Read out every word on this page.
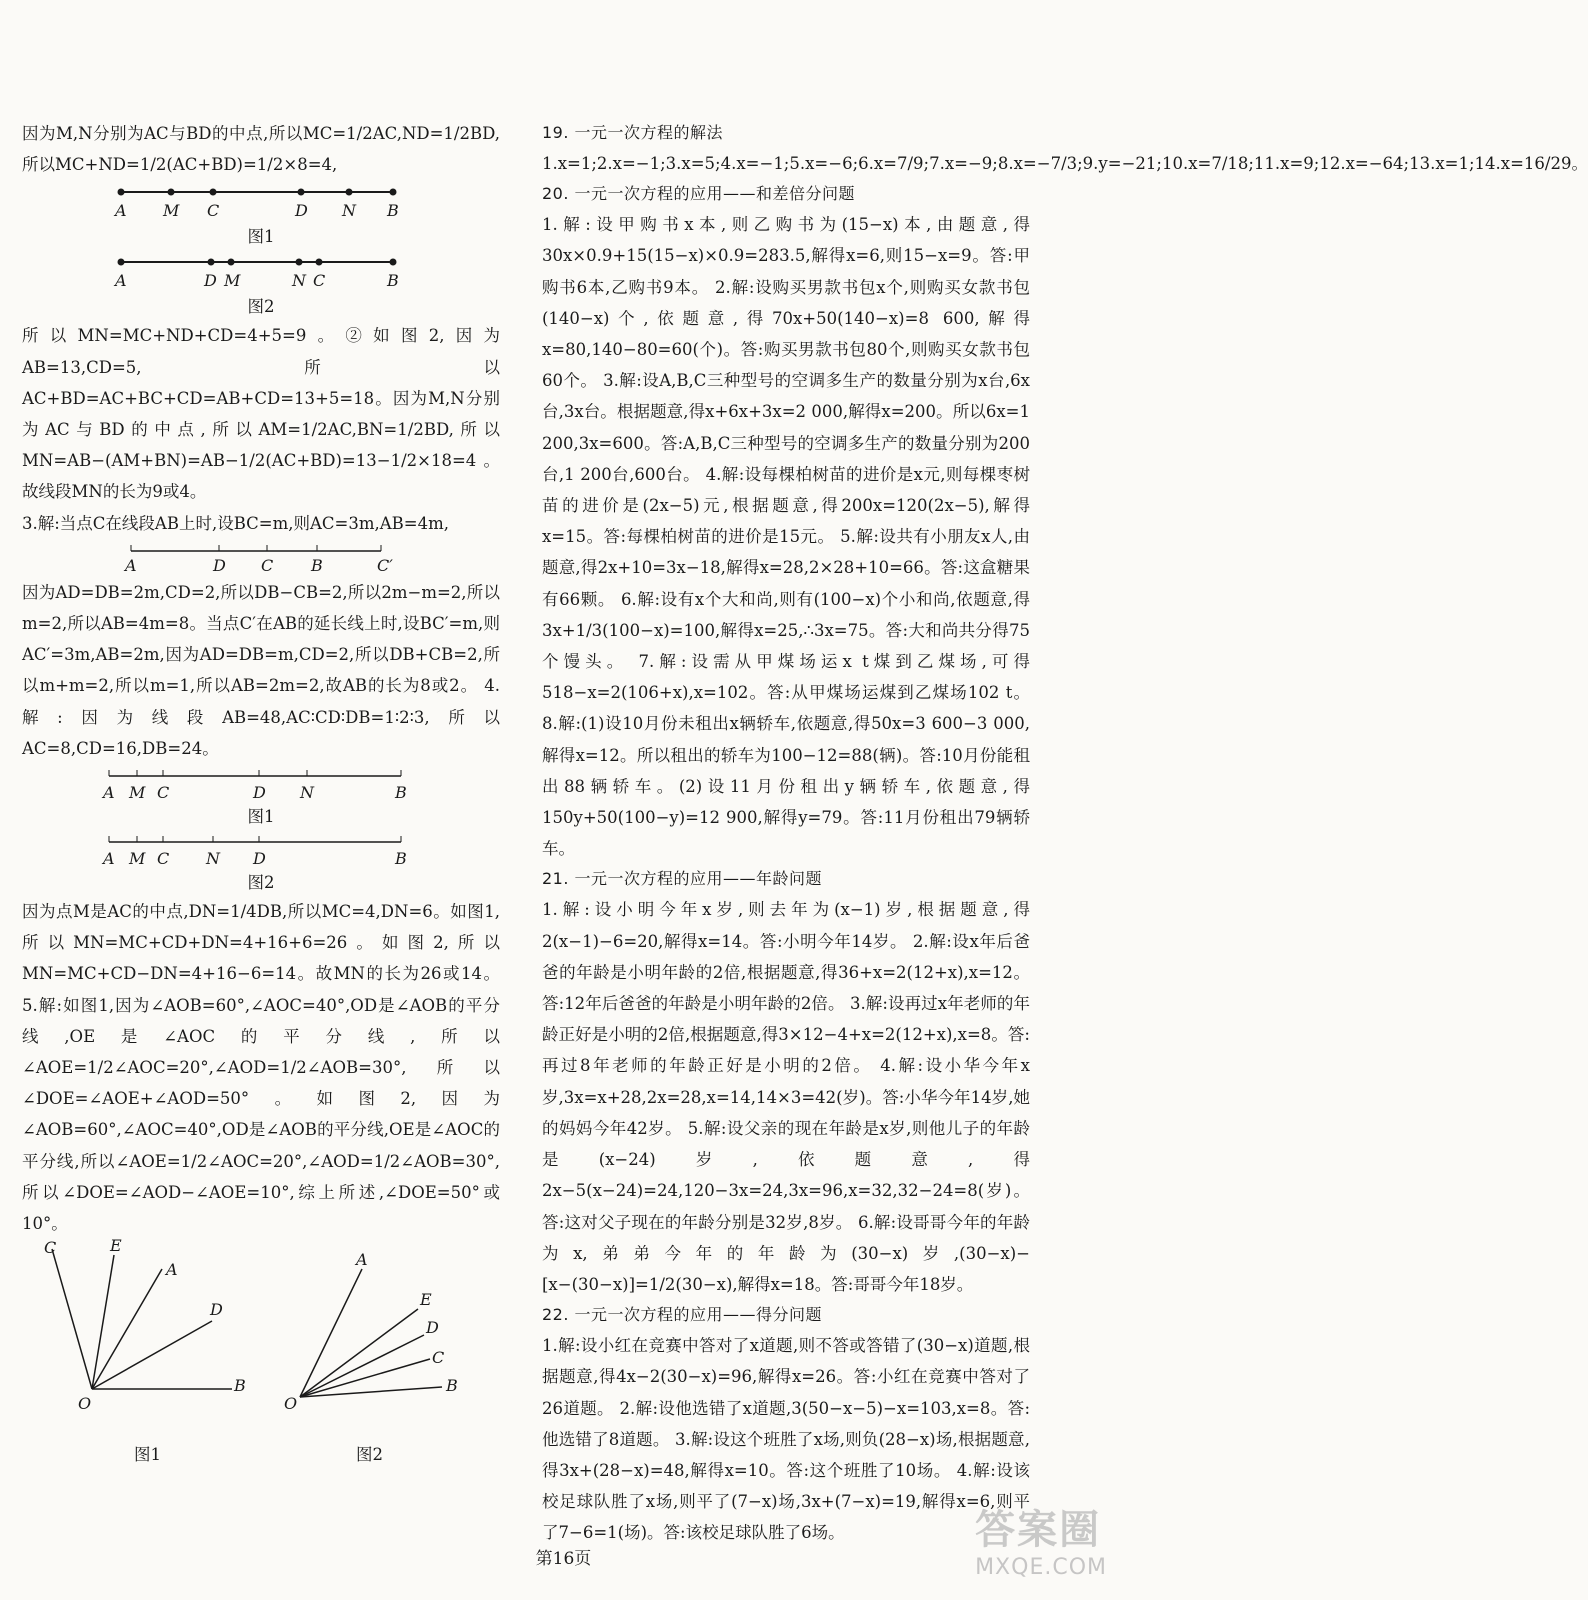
因为M,N分别为AC与BD的中点,所以MC=1/2AC,ND=1/2BD,所以MC+ND=1/2(AC+BD)=1/2×8=4,

A M C	D N B

图1

A	D M	N C	B

图2

所以MN=MC+ND+CD=4+5=9。②如图2,因为AB=13,CD=5,所以AC+BD=AC+BC+CD=AB+CD=13+5=18。因为M,N分别为AC与BD的中点,所以AM=1/2AC,BN=1/2BD,所以MN=AB−(AM+BN)=AB−1/2(AC+BD)=13−1/2×18=4。故线段MN的长为9或4。

3.解:当点C在线段AB上时,设BC=m,则AC=3m,AB=4m,

A	D C B	C′

因为AD=DB=2m,CD=2,所以DB−CB=2,所以2m−m=2,所以m=2,所以AB=4m=8。当点C′在AB的延长线上时,设BC′=m,则AC′=3m,AB=2m,因为AD=DB=m,CD=2,所以DB+CB=2,所以m+m=2,所以m=1,所以AB=2m=2,故AB的长为8或2。 4.解:因为线段AB=48,AC∶CD∶DB=1∶2∶3,所以AC=8,CD=16,DB=24。

A M C	D N	B

图1

A M C N D	B

图2

因为点M是AC的中点,DN=1/4DB,所以MC=4,DN=6。如图1,所以MN=MC+CD+DN=4+16+6=26。如图2,所以MN=MC+CD−DN=4+16−6=14。故MN的长为26或14。 5.解:如图1,因为∠AOB=60°,∠AOC=40°,OD是∠AOB的平分线,OE是∠AOC的平分线,所以∠AOE=1/2∠AOC=20°,∠AOD=1/2∠AOB=30°,所以∠DOE=∠AOE+∠AOD=50°。如图2,因为∠AOB=60°,∠AOC=40°,OD是∠AOB的平分线,OE是∠AOC的平分线,所以∠AOE=1/2∠AOC=20°,∠AOD=1/2∠AOB=30°,所以∠DOE=∠AOD−∠AOE=10°,综上所述,∠DOE=50°或10°。

C	E
A
D
B
O
A
E
D
C
B
O
图1	图2

19. 一元一次方程的解法

1.x=1;2.x=−1;3.x=5;4.x=−1;5.x=−6;6.x=7/9;7.x=−9;8.x=−7/3;9.y=−21;10.x=7/18;11.x=9;12.x=−64;13.x=1;14.x=16/29。

20. 一元一次方程的应用——和差倍分问题

1.解:设甲购书x本,则乙购书为(15−x)本,由题意,得30x×0.9+15(15−x)×0.9=283.5,解得x=6,则15−x=9。答:甲购书6本,乙购书9本。 2.解:设购买男款书包x个,则购买女款书包(140−x)个,依题意,得70x+50(140−x)=8 600,解得x=80,140−80=60(个)。答:购买男款书包80个,则购买女款书包60个。 3.解:设A,B,C三种型号的空调多生产的数量分别为x台,6x台,3x台。根据题意,得x+6x+3x=2 000,解得x=200。所以6x=1 200,3x=600。答:A,B,C三种型号的空调多生产的数量分别为200台,1 200台,600台。 4.解:设每棵柏树苗的进价是x元,则每棵枣树苗的进价是(2x−5)元,根据题意,得200x=120(2x−5),解得x=15。答:每棵柏树苗的进价是15元。 5.解:设共有小朋友x人,由题意,得2x+10=3x−18,解得x=28,2×28+10=66。答:这盒糖果有66颗。 6.解:设有x个大和尚,则有(100−x)个小和尚,依题意,得3x+1/3(100−x)=100,解得x=25,∴3x=75。答:大和尚共分得75个馒头。 7.解:设需从甲煤场运x t煤到乙煤场,可得518−x=2(106+x),x=102。答:从甲煤场运煤到乙煤场102 t。 8.解:(1)设10月份未租出x辆轿车,依题意,得50x=3 600−3 000,解得x=12。所以租出的轿车为100−12=88(辆)。答:10月份能租出88辆轿车。(2)设11月份租出y辆轿车,依题意,得150y+50(100−y)=12 900,解得y=79。答:11月份租出79辆轿车。

21. 一元一次方程的应用——年龄问题

1.解:设小明今年x岁,则去年为(x−1)岁,根据题意,得2(x−1)−6=20,解得x=14。答:小明今年14岁。 2.解:设x年后爸爸的年龄是小明年龄的2倍,根据题意,得36+x=2(12+x),x=12。答:12年后爸爸的年龄是小明年龄的2倍。 3.解:设再过x年老师的年龄正好是小明的2倍,根据题意,得3×12−4+x=2(12+x),x=8。答:再过8年老师的年龄正好是小明的2倍。 4.解:设小华今年x岁,3x=x+28,2x=28,x=14,14×3=42(岁)。答:小华今年14岁,她的妈妈今年42岁。 5.解:设父亲的现在年龄是x岁,则他儿子的年龄是(x−24)岁,依题意,得2x−5(x−24)=24,120−3x=24,3x=96,x=32,32−24=8(岁)。答:这对父子现在的年龄分别是32岁,8岁。 6.解:设哥哥今年的年龄为x,弟弟今年的年龄为(30−x)岁,(30−x)−[x−(30−x)]=1/2(30−x),解得x=18。答:哥哥今年18岁。

22. 一元一次方程的应用——得分问题

1.解:设小红在竞赛中答对了x道题,则不答或答错了(30−x)道题,根据题意,得4x−2(30−x)=96,解得x=26。答:小红在竞赛中答对了26道题。 2.解:设他选错了x道题,3(50−x−5)−x=103,x=8。答:他选错了8道题。 3.解:设这个班胜了x场,则负(28−x)场,根据题意,得3x+(28−x)=48,解得x=10。答:这个班胜了10场。 4.解:设该校足球队胜了x场,则平了(7−x)场,3x+(7−x)=19,解得x=6,则平了7−6=1(场)。答:该校足球队胜了6场。

第16页
答案圈
MXQE.COM
